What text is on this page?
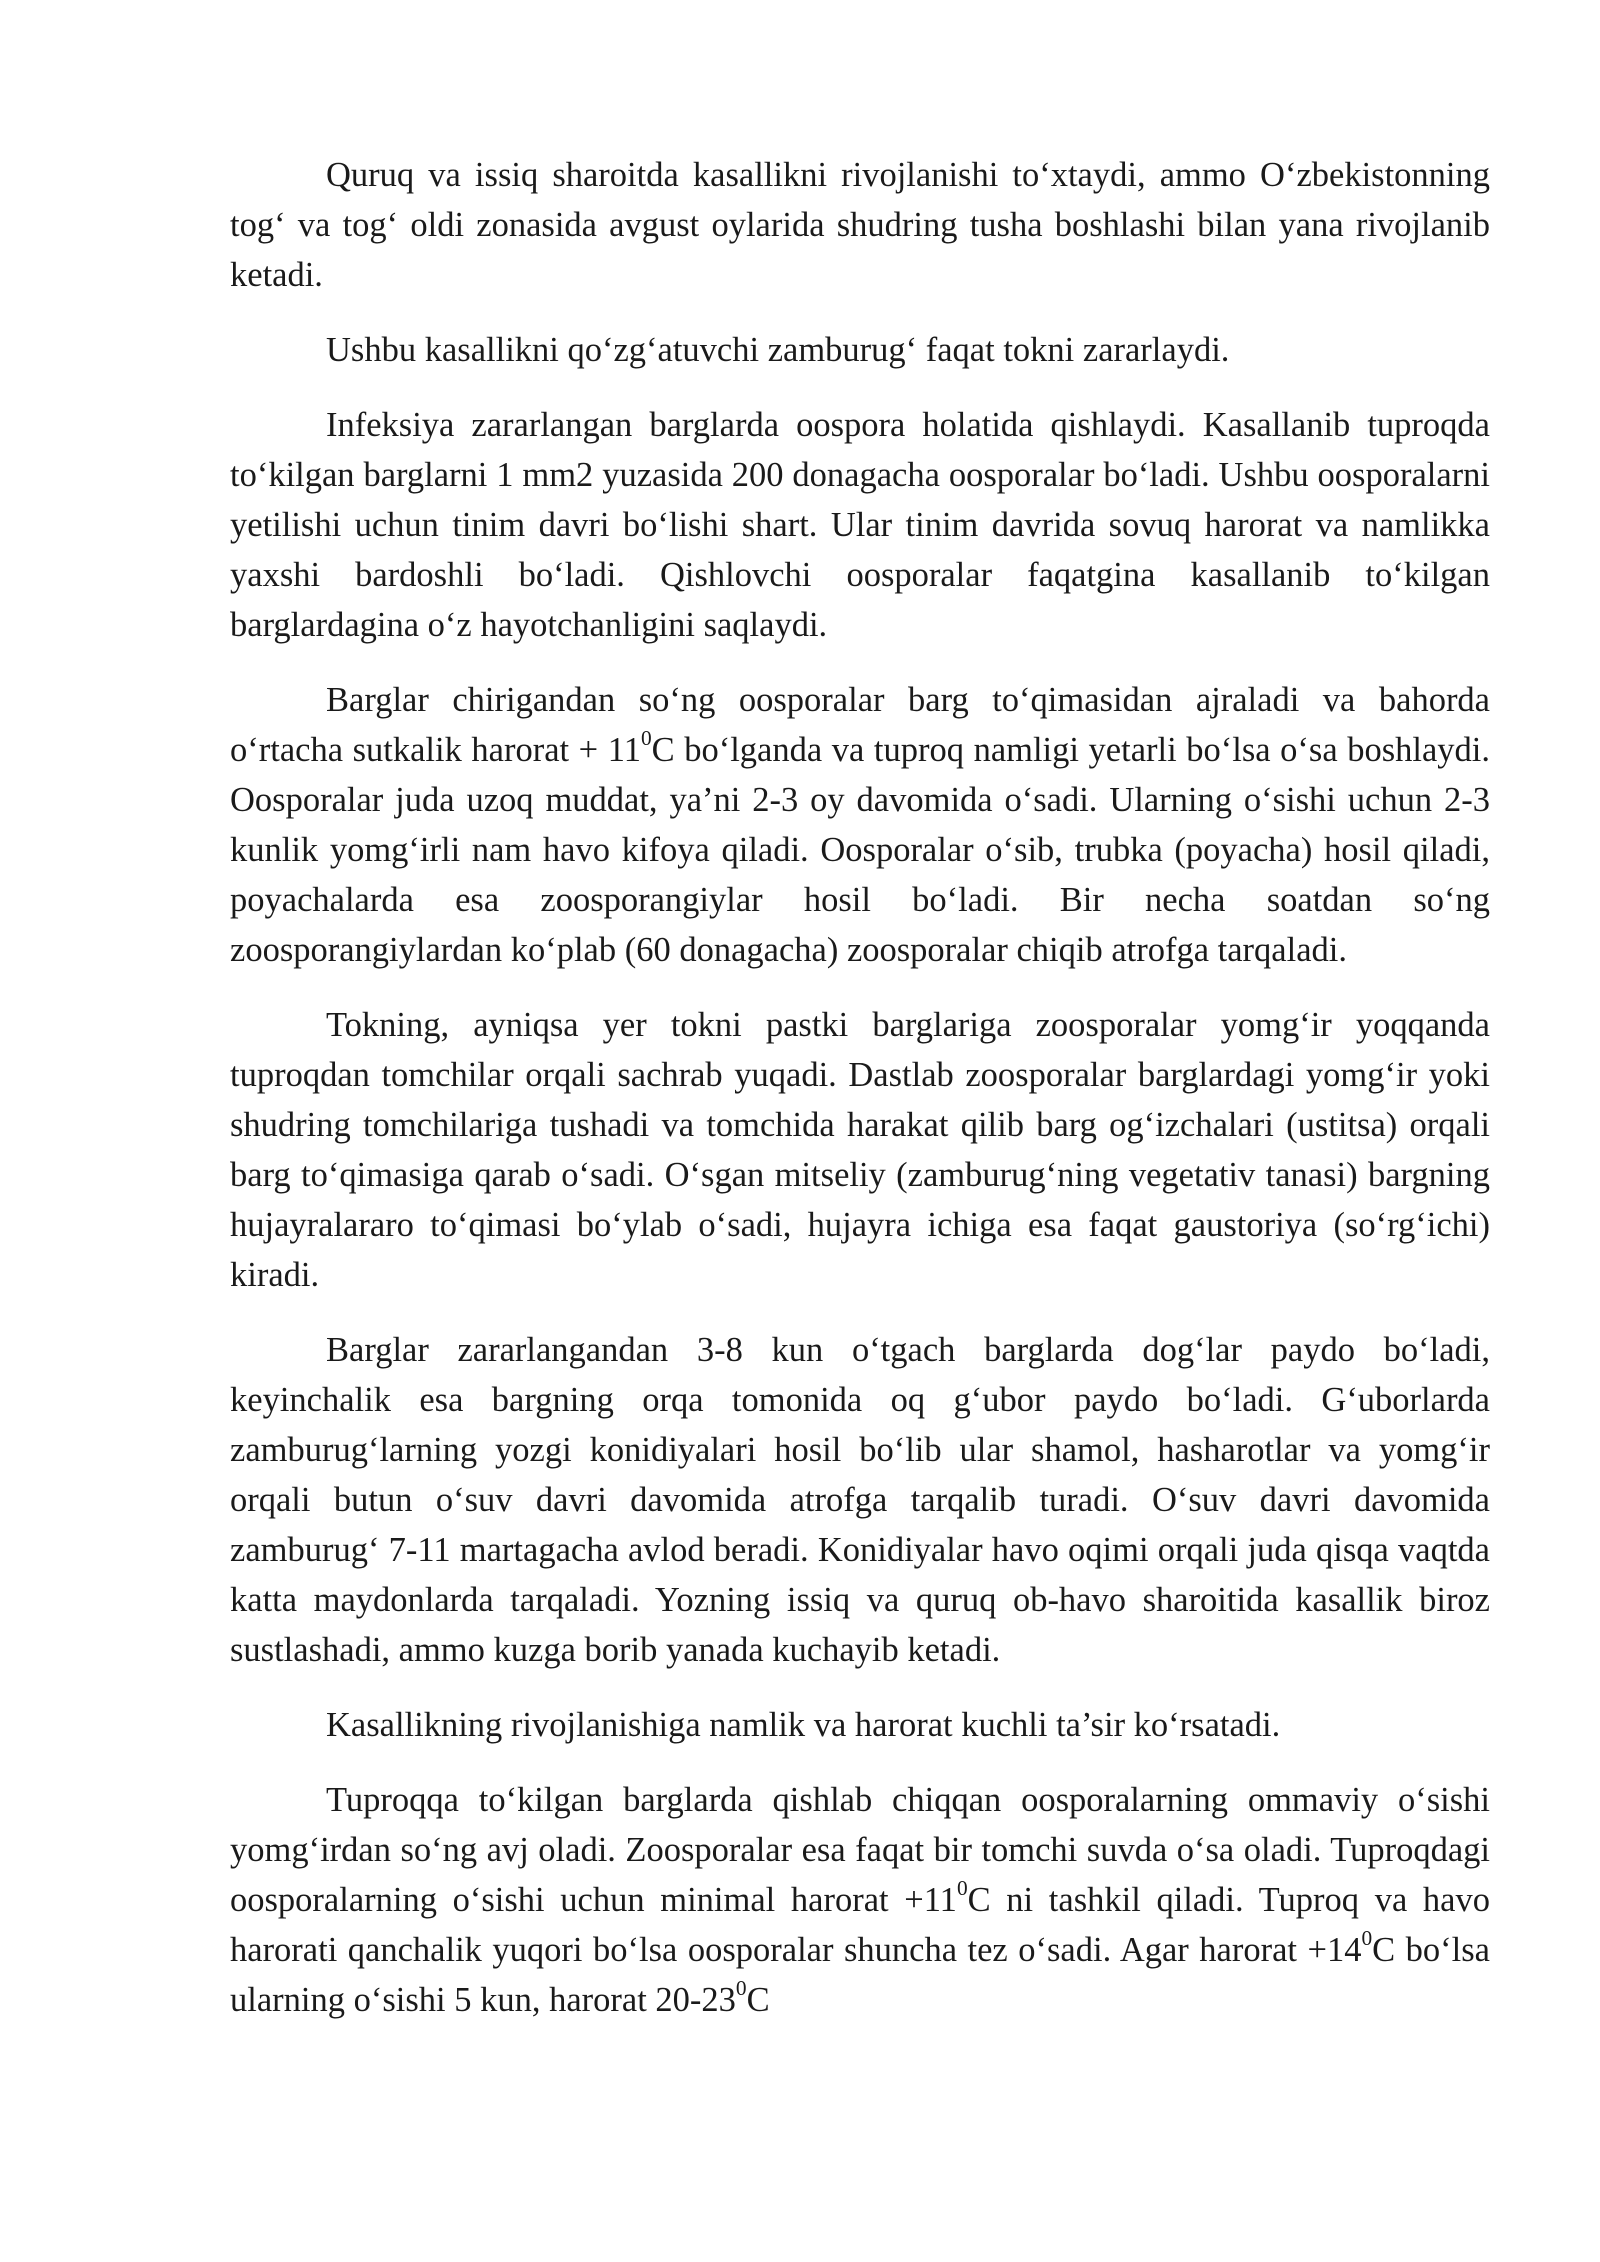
Quruq va issiq sharoitda kasallikni rivojlanishi to‘xtaydi, ammo O‘zbekistonning tog‘ va tog‘ oldi zonasida avgust oylarida shudring tusha boshlashi bilan yana rivojlanib ketadi.

Ushbu kasallikni qo‘zg‘atuvchi zamburug‘ faqat tokni zararlaydi.

Infeksiya zararlangan barglarda oospora holatida qishlaydi. Kasallanib tuproqda to‘kilgan barglarni 1 mm2 yuzasida 200 donagacha oosporalar bo‘ladi. Ushbu oosporalarni yetilishi uchun tinim davri bo‘lishi shart. Ular tinim davrida sovuq harorat va namlikka yaxshi bardoshli bo‘ladi. Qishlovchi oosporalar faqatgina kasallanib to‘kilgan barglardagina o‘z hayotchanligini saqlaydi.

Barglar chirigandan so‘ng oosporalar barg to‘qimasidan ajraladi va bahorda o‘rtacha sutkalik harorat + $11^0C$ bo‘lganda va tuproq namligi yetarli bo‘lsa o‘sa boshlaydi. Oosporalar juda uzoq muddat, ya’ni 2-3 oy davomida o‘sadi. Ularning o‘sishi uchun 2-3 kunlik yomg‘irli nam havo kifoya qiladi. Oosporalar o‘sib, trubka (poyacha) hosil qiladi, poyachalarda esa zoosporangiylar hosil bo‘ladi. Bir necha soatdan so‘ng zoosporangiylardan ko‘plab (60 donagacha) zoosporalar chiqib atrofga tarqaladi.

Tokning, ayniqsa yer tokni pastki barglariga zoosporalar yomg‘ir yoqqanda tuproqdan tomchilar orqali sachrab yuqadi. Dastlab zoosporalar barglardagi yomg‘ir yoki shudring tomchilariga tushadi va tomchida harakat qilib barg og‘izchalari (ustitsa) orqali barg to‘qimasiga qarab o‘sadi. O‘sgan mitseliy (zamburug‘ning vegetativ tanasi) bargning hujayralararo to‘qimasi bo‘ylab o‘sadi, hujayra ichiga esa faqat gaustoriya (so‘rg‘ichi) kiradi.

Barglar zararlangandan 3-8 kun o‘tgach barglarda dog‘lar paydo bo‘ladi, keyinchalik esa bargning orqa tomonida oq g‘ubor paydo bo‘ladi. G‘uborlarda zamburug‘larning yozgi konidiyalari hosil bo‘lib ular shamol, hasharotlar va yomg‘ir orqali butun o‘suv davri davomida atrofga tarqalib turadi. O‘suv davri davomida zamburug‘ 7-11 martagacha avlod beradi. Konidiyalar havo oqimi orqali juda qisqa vaqtda katta maydonlarda tarqaladi. Yozning issiq va quruq ob-havo sharoitida kasallik biroz sustlashadi, ammo kuzga borib yanada kuchayib ketadi.

Kasallikning rivojlanishiga namlik va harorat kuchli ta’sir ko‘rsatadi.

Tuproqqa to‘kilgan barglarda qishlab chiqqan oosporalarning ommaviy o‘sishi yomg‘irdan so‘ng avj oladi. Zoosporalar esa faqat bir tomchi suvda o‘sa oladi. Tuproqdagi oosporalarning o‘sishi uchun minimal harorat $+11^0C$ ni tashkil qiladi. Tuproq va havo harorati qanchalik yuqori bo‘lsa oosporalar shuncha tez o‘sadi. Agar harorat $+14^0C$ bo‘lsa ularning o‘sishi 5 kun, harorat $20-23^0C$
